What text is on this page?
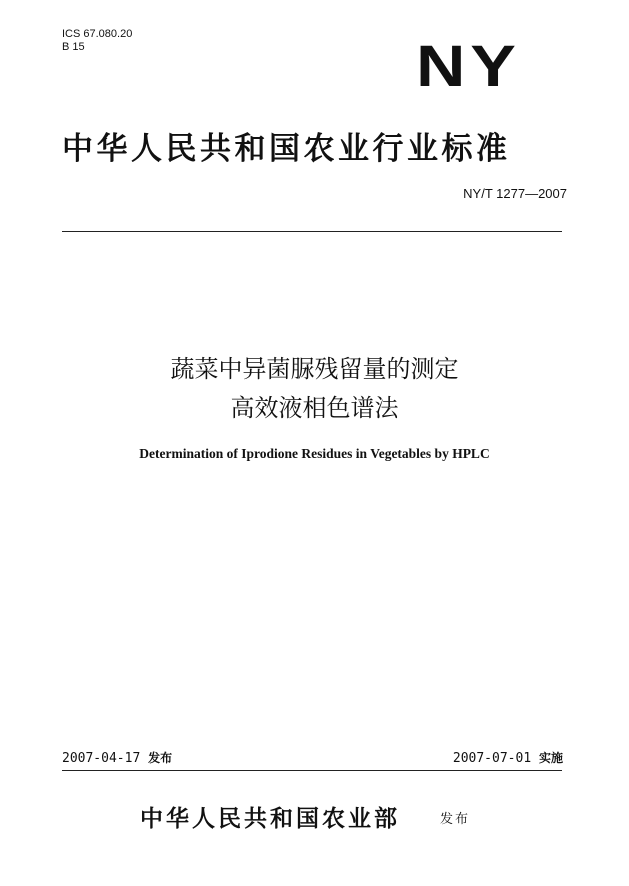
ICS 67.080.20
B 15	NY
中华人民共和国农业行业标准
NY/T 1277—2007
蔬菜中异菌脲残留量的测定
高效液相色谱法
Determination of Iprodione Residues in Vegetables by HPLC
2007-04-17 发布	2007-07-01 实施
中华人民共和国农业部	发布
